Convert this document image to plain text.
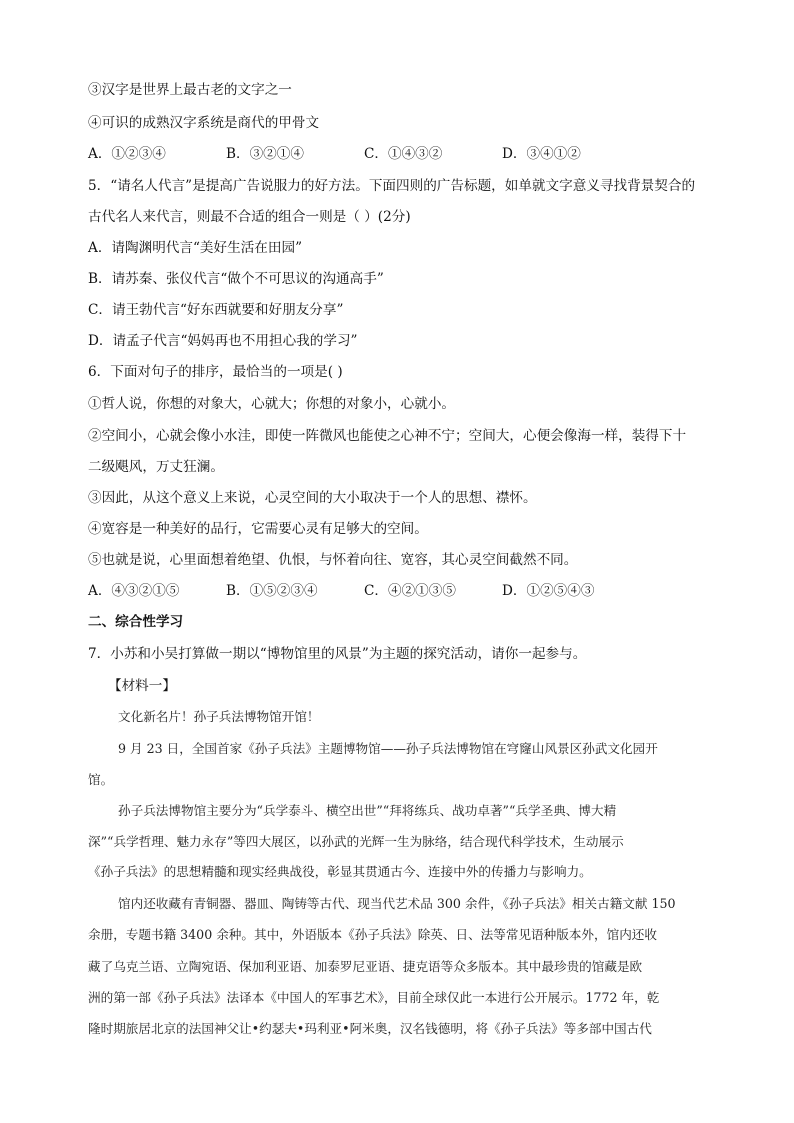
③汉字是世界上最古老的文字之一
④可识的成熟汉字系统是商代的甲骨文
A．①②③④	B．③②①④	C．①④③②	D．③④①②
5．“请名人代言”是提高广告说服力的好方法。下面四则的广告标题，如单就文字意义寻找背景契合的
古代名人来代言，则最不合适的组合一则是（ ）(2分)
A．请陶渊明代言“美好生活在田园”
B．请苏秦、张仪代言“做个不可思议的沟通高手”
C．请王勃代言“好东西就要和好朋友分享”
D．请孟子代言“妈妈再也不用担心我的学习”
6．下面对句子的排序，最恰当的一项是( )
①哲人说，你想的对象大，心就大；你想的对象小，心就小。
②空间小，心就会像小水洼，即使一阵微风也能使之心神不宁；空间大，心便会像海一样，装得下十
二级飓风，万丈狂澜。
③因此，从这个意义上来说，心灵空间的大小取决于一个人的思想、襟怀。
④宽容是一种美好的品行，它需要心灵有足够大的空间。
⑤也就是说，心里面想着绝望、仇恨，与怀着向往、宽容，其心灵空间截然不同。
A．④③②①⑤	B．①⑤②③④	C．④②①③⑤	D．①②⑤④③
二、综合性学习
7．小苏和小吴打算做一期以“博物馆里的风景”为主题的探究活动，请你一起参与。
【材料一】
文化新名片！孙子兵法博物馆开馆！
9 月 23 日，全国首家《孙子兵法》主题博物馆——孙子兵法博物馆在穹窿山风景区孙武文化园开
馆。
孙子兵法博物馆主要分为“兵学泰斗、横空出世”“拜将练兵、战功卓著”“兵学圣典、博大精
深”“兵学哲理、魅力永存”等四大展区，以孙武的光辉一生为脉络，结合现代科学技术，生动展示
《孙子兵法》的思想精髓和现实经典战役，彰显其贯通古今、连接中外的传播力与影响力。
馆内还收藏有青铜器、器皿、陶铸等古代、现当代艺术品 300 余件，《孙子兵法》相关古籍文献 150
余册，专题书籍 3400 余种。其中，外语版本《孙子兵法》除英、日、法等常见语种版本外，馆内还收
藏了乌克兰语、立陶宛语、保加利亚语、加泰罗尼亚语、捷克语等众多版本。其中最珍贵的馆藏是欧
洲的第一部《孙子兵法》法译本《中国人的军事艺术》，目前全球仅此一本进行公开展示。1772 年，乾
隆时期旅居北京的法国神父让•约瑟夫•玛利亚•阿米奥，汉名钱德明，将《孙子兵法》等多部中国古代
